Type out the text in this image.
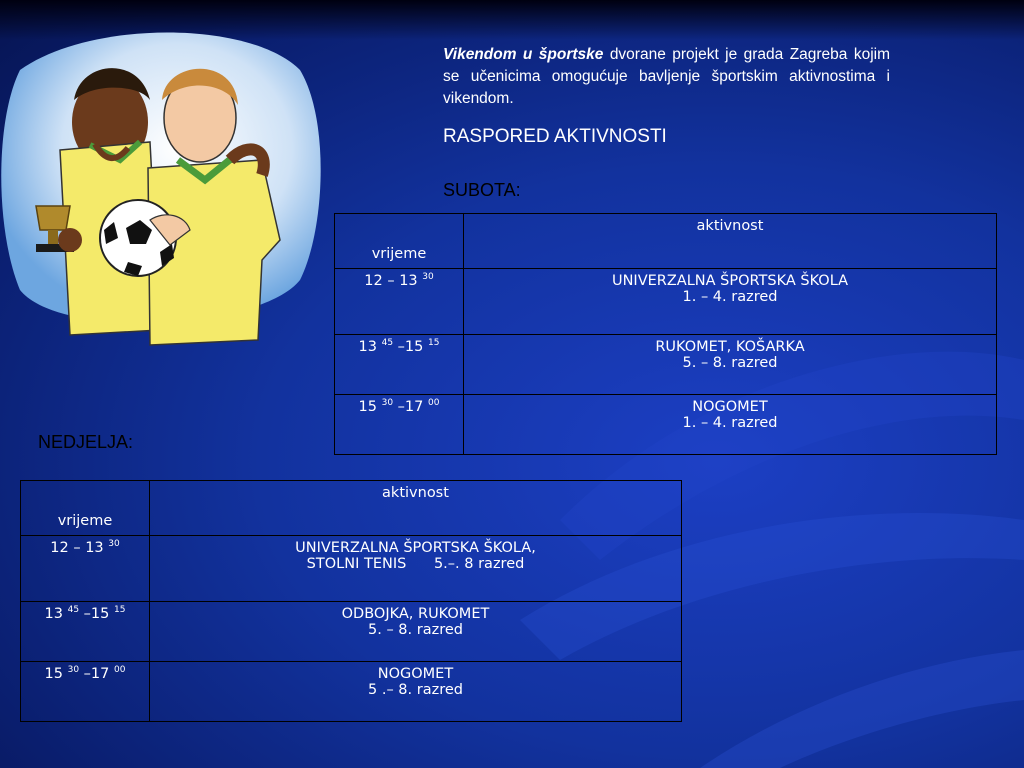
Vikendom u športske dvorane projekt je grada Zagreba kojim se učenicima omogućuje bavljenje športskim aktivnostima i vikendom.

RASPORED AKTIVNOSTI
SUBOTA:
vrijeme	aktivnost
12 – 13 $^{30}$	UNIVERZALNA ŠPORTSKA ŠKOLA
1. – 4. razred

13 $^{45}$ –15 $^{15}$	RUKOMET, KOŠARKA
5. – 8. razred

15 $^{30}$ –17 $^{00}$	NOGOMET
1. – 4. razred
NEDJELJA:
vrijeme	aktivnost
12 – 13 $^{30}$	UNIVERZALNA ŠPORTSKA ŠKOLA,
STOLNI TENIS      5.–. 8 razred

13 $^{45}$ –15 $^{15}$	ODBOJKA, RUKOMET
5. – 8. razred

15 $^{30}$ –17 $^{00}$	NOGOMET
5 .– 8. razred
